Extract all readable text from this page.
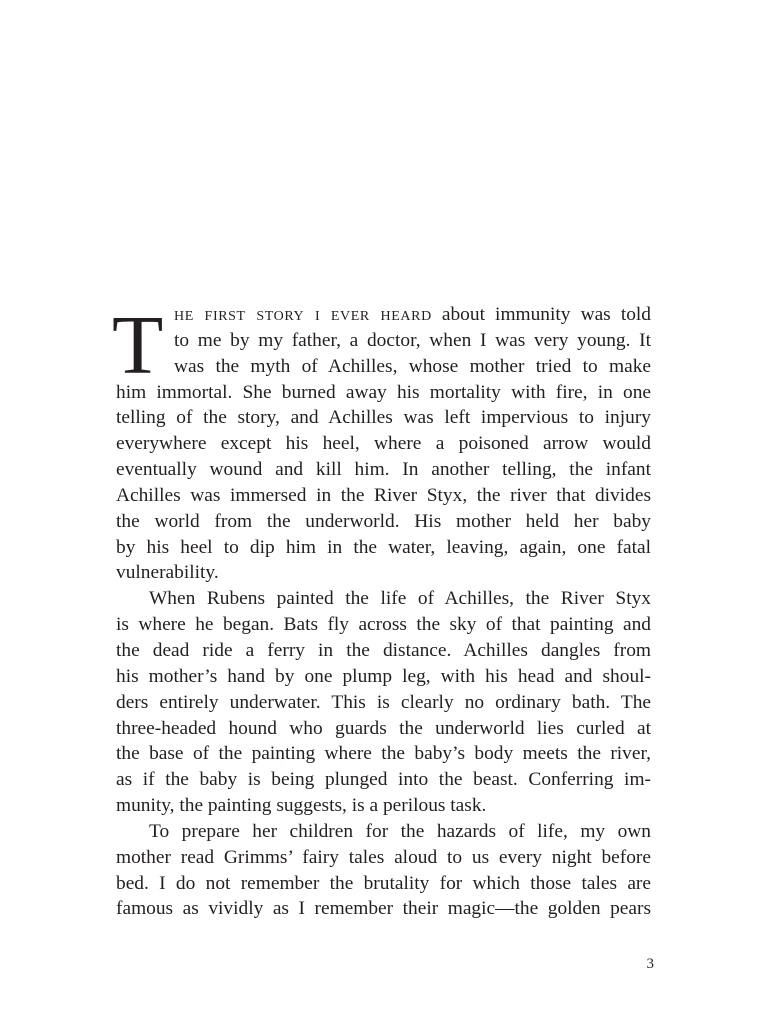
T he first story i ever heard about immunity was told
to me by my father, a doctor, when I was very young. It
was the myth of Achilles, whose mother tried to make
him immortal. She burned away his mortality with fire, in one
telling of the story, and Achilles was left impervious to injury
everywhere except his heel, where a poisoned arrow would
eventually wound and kill him. In another telling, the infant
Achilles was immersed in the River Styx, the river that divides
the world from the underworld. His mother held her baby
by his heel to dip him in the water, leaving, again, one fatal
vulnerability.
When Rubens painted the life of Achilles, the River Styx
is where he began. Bats fly across the sky of that painting and
the dead ride a ferry in the distance. Achilles dangles from
his mother’s hand by one plump leg, with his head and shoul-
ders entirely underwater. This is clearly no ordinary bath. The
three-headed hound who guards the underworld lies curled at
the base of the painting where the baby’s body meets the river,
as if the baby is being plunged into the beast. Conferring im-
munity, the painting suggests, is a perilous task.
To prepare her children for the hazards of life, my own
mother read Grimms’ fairy tales aloud to us every night before
bed. I do not remember the brutality for which those tales are
famous as vividly as I remember their magic—the golden pears
3
